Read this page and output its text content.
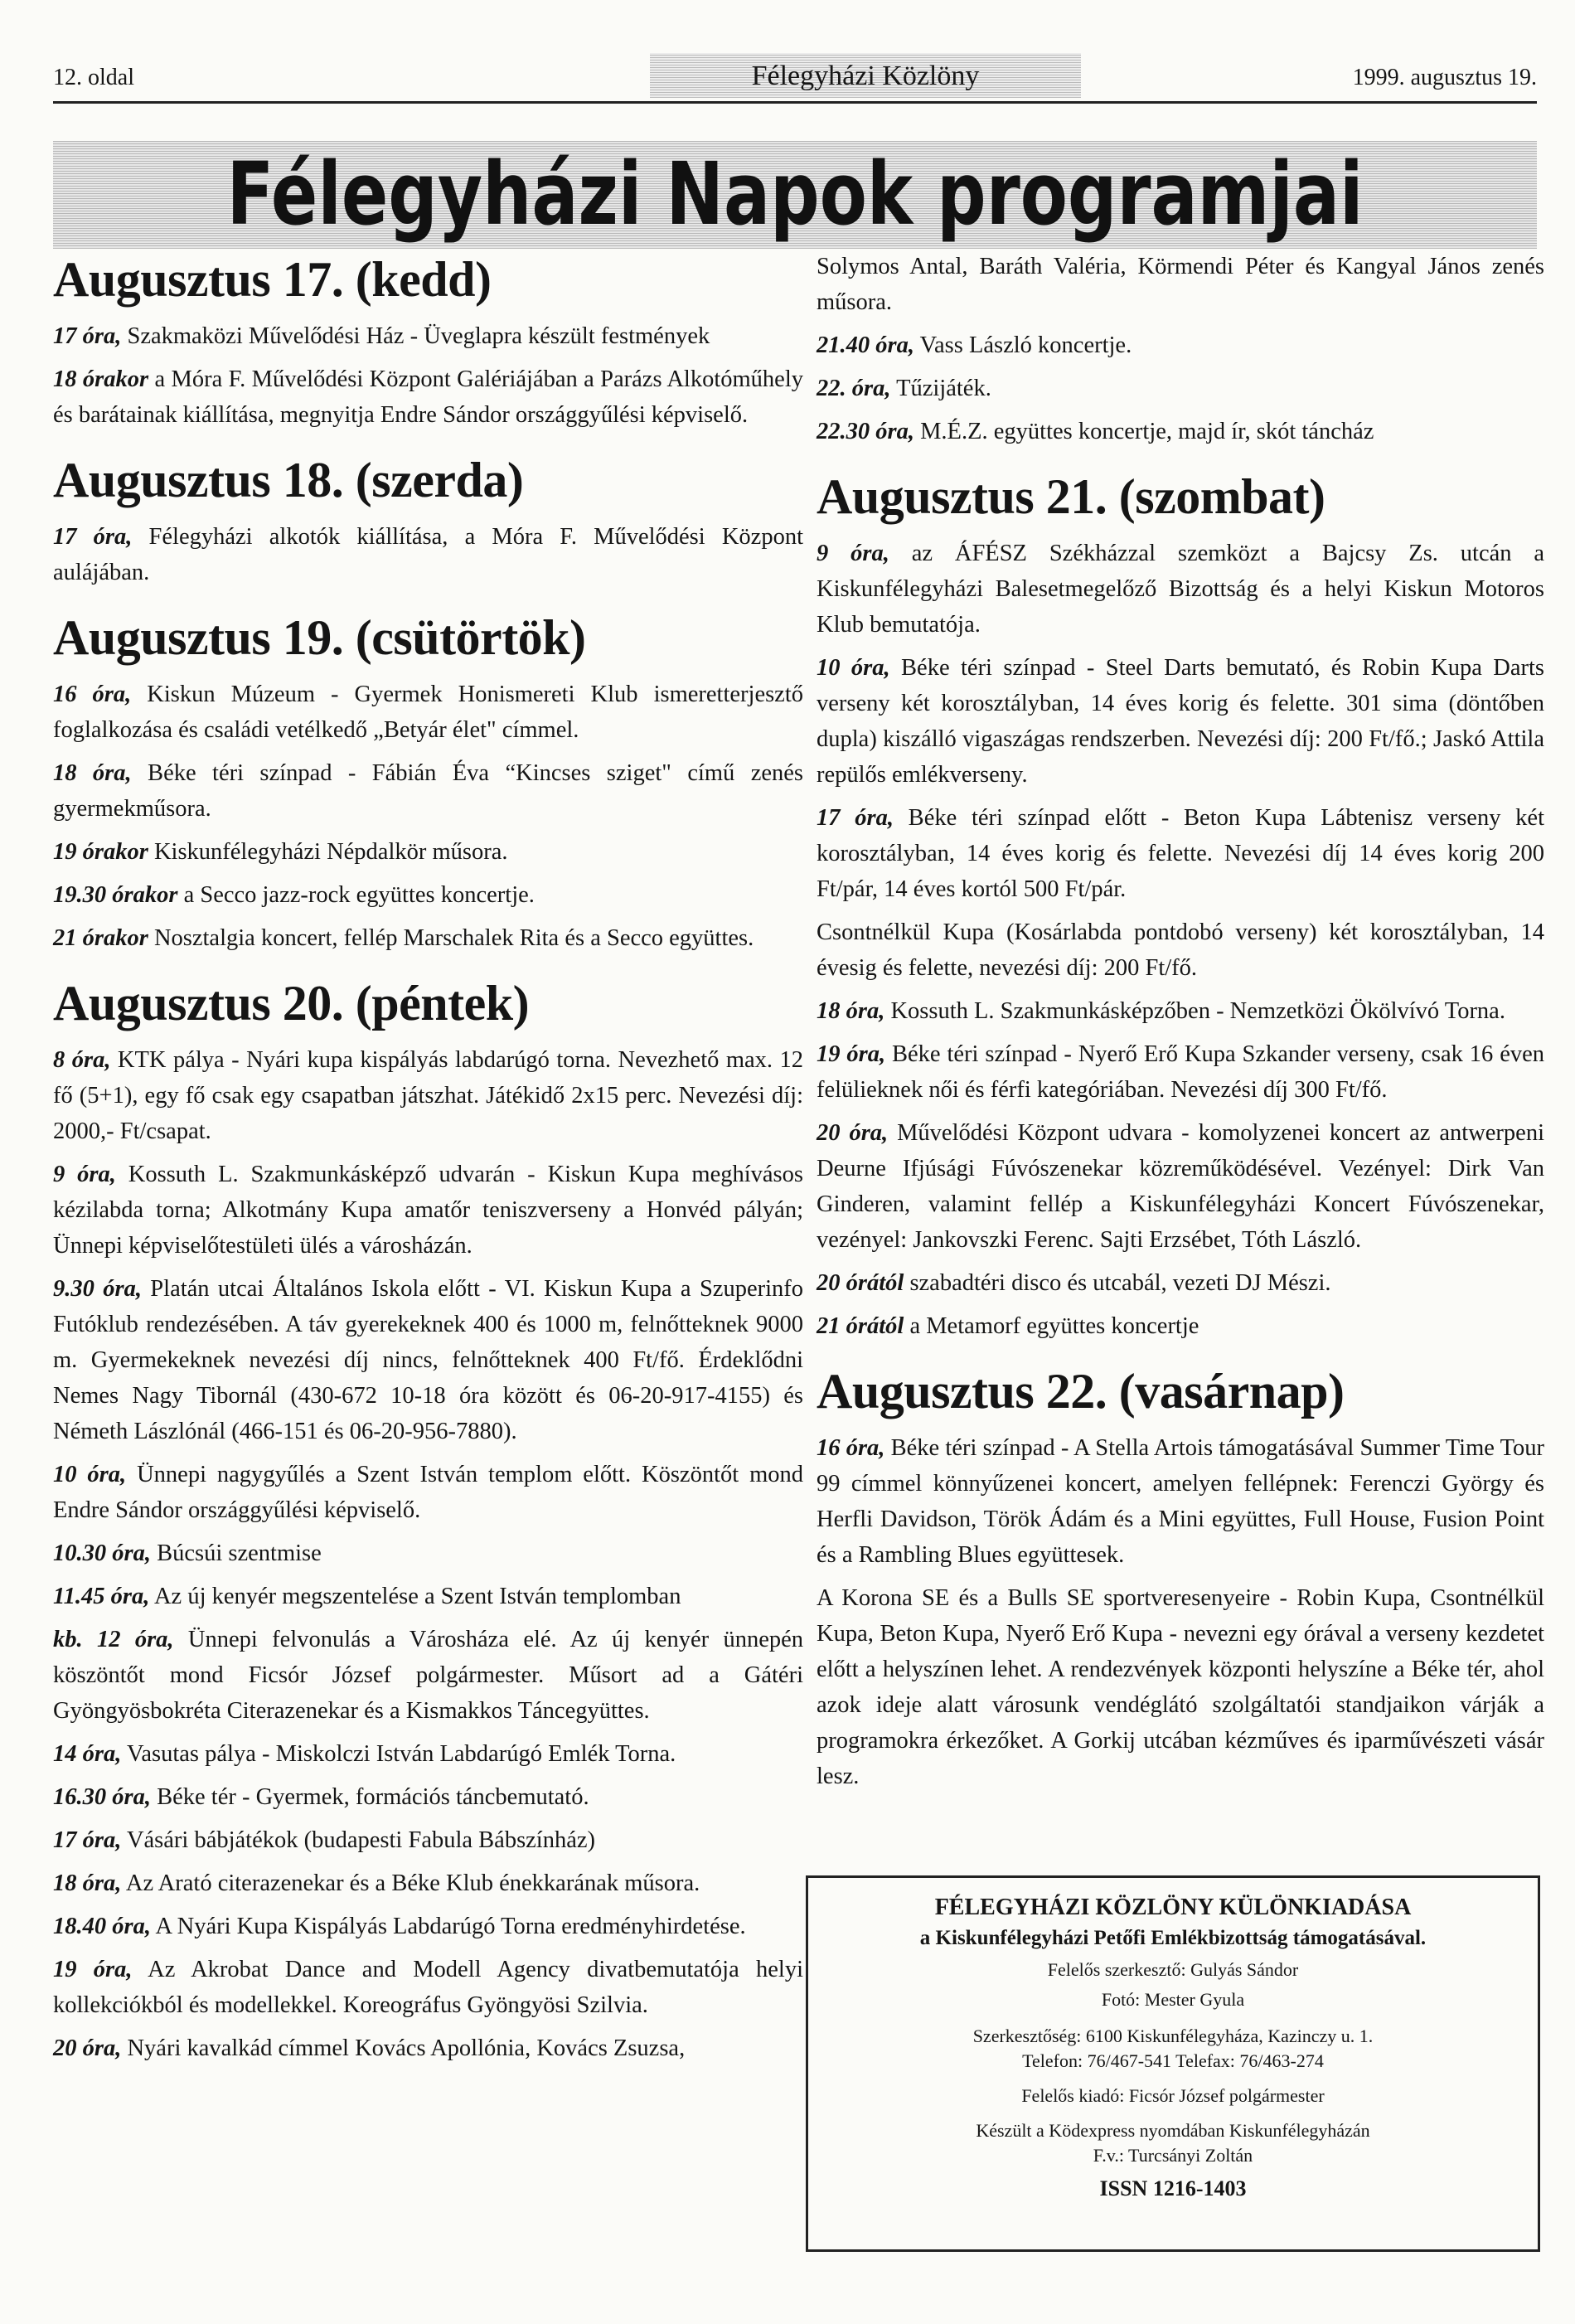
12. oldal	Félegyházi Közlöny	1999. augusztus 19.
Félegyházi Napok programjai
Augusztus 17. (kedd)
17 óra, Szakmaközi Művelődési Ház - Üveglapra készült festmények
18 órakor a Móra F. Művelődési Központ Galériájában a Parázs Alkotóműhely és barátainak kiállítása, megnyitja Endre Sándor országgyűlési képviselő.
Augusztus 18. (szerda)
17 óra, Félegyházi alkotók kiállítása, a Móra F. Művelődési Központ aulájában.
Augusztus 19. (csütörtök)
16 óra, Kiskun Múzeum - Gyermek Honismereti Klub ismeretterjesztő foglalkozása és családi vetélkedő „Betyár élet" címmel.
18 óra, Béke téri színpad - Fábián Éva “Kincses sziget" című zenés gyermekműsora.
19 órakor Kiskunfélegyházi Népdalkör műsora.
19.30 órakor a Secco jazz-rock együttes koncertje.
21 órakor Nosztalgia koncert, fellép Marschalek Rita és a Secco együttes.
Augusztus 20. (péntek)
8 óra, KTK pálya - Nyári kupa kispályás labdarúgó torna. Nevezhető max. 12 fő (5+1), egy fő csak egy csapatban játszhat. Játékidő 2x15 perc. Nevezési díj: 2000,- Ft/csapat.
9 óra, Kossuth L. Szakmunkásképző udvarán - Kiskun Kupa meghívásos kézilabda torna; Alkotmány Kupa amatőr teniszverseny a Honvéd pályán; Ünnepi képviselőtestületi ülés a városházán.
9.30 óra, Platán utcai Általános Iskola előtt - VI. Kiskun Kupa a Szuperinfo Futóklub rendezésében. A táv gyerekeknek 400 és 1000 m, felnőtteknek 9000 m. Gyermekeknek nevezési díj nincs, felnőtteknek 400 Ft/fő. Érdeklődni Nemes Nagy Tibornál (430-672 10-18 óra között és 06-20-917-4155) és Németh Lászlónál (466-151 és 06-20-956-7880).
10 óra, Ünnepi nagygyűlés a Szent István templom előtt. Köszöntőt mond Endre Sándor országgyűlési képviselő.
10.30 óra, Búcsúi szentmise
11.45 óra, Az új kenyér megszentelése a Szent István templomban
kb. 12 óra, Ünnepi felvonulás a Városháza elé. Az új kenyér ünnepén köszöntőt mond Ficsór József polgármester. Műsort ad a Gátéri Gyöngyösbokréta Citerazenekar és a Kismakkos Táncegyüttes.
14 óra, Vasutas pálya - Miskolczi István Labdarúgó Emlék Torna.
16.30 óra, Béke tér - Gyermek, formációs táncbemutató.
17 óra, Vásári bábjátékok (budapesti Fabula Bábszínház)
18 óra, Az Arató citerazenekar és a Béke Klub énekkarának műsora.
18.40 óra, A Nyári Kupa Kispályás Labdarúgó Torna eredményhirdetése.
19 óra, Az Akrobat Dance and Modell Agency divatbemutatója helyi kollekciókból és modellekkel. Koreográfus Gyöngyösi Szilvia.
20 óra, Nyári kavalkád címmel Kovács Apollónia, Kovács Zsuzsa,
Solymos Antal, Baráth Valéria, Körmendi Péter és Kangyal János zenés műsora.
21.40 óra, Vass László koncertje.
22. óra, Tűzijáték.
22.30 óra, M.É.Z. együttes koncertje, majd ír, skót táncház
Augusztus 21. (szombat)
9 óra, az ÁFÉSZ Székházzal szemközt a Bajcsy Zs. utcán a Kiskunfélegyházi Balesetmegelőző Bizottság és a helyi Kiskun Motoros Klub bemutatója.
10 óra, Béke téri színpad - Steel Darts bemutató, és Robin Kupa Darts verseny két korosztályban, 14 éves korig és felette. 301 sima (döntőben dupla) kiszálló vigaszágas rendszerben. Nevezési díj: 200 Ft/fő.; Jaskó Attila repülős emlékverseny.
17 óra, Béke téri színpad előtt - Beton Kupa Lábtenisz verseny két korosztályban, 14 éves korig és felette. Nevezési díj 14 éves korig 200 Ft/pár, 14 éves kortól 500 Ft/pár.
Csontnélkül Kupa (Kosárlabda pontdobó verseny) két korosztályban, 14 évesig és felette, nevezési díj: 200 Ft/fő.
18 óra, Kossuth L. Szakmunkásképzőben - Nemzetközi Ökölvívó Torna.
19 óra, Béke téri színpad - Nyerő Erő Kupa Szkander verseny, csak 16 éven felülieknek női és férfi kategóriában. Nevezési díj 300 Ft/fő.
20 óra, Művelődési Központ udvara - komolyzenei koncert az antwerpeni Deurne Ifjúsági Fúvószenekar közreműködésével. Vezényel: Dirk Van Ginderen, valamint fellép a Kiskunfélegyházi Koncert Fúvószenekar, vezényel: Jankovszki Ferenc. Sajti Erzsébet, Tóth László.
20 órától szabadtéri disco és utcabál, vezeti DJ Mészi.
21 órától a Metamorf együttes koncertje
Augusztus 22. (vasárnap)
16 óra, Béke téri színpad - A Stella Artois támogatásával Summer Time Tour 99 címmel könnyűzenei koncert, amelyen fellépnek: Ferenczi György és Herfli Davidson, Török Ádám és a Mini együttes, Full House, Fusion Point és a Rambling Blues együttesek.
A Korona SE és a Bulls SE sportveresenyeire - Robin Kupa, Csontnélkül Kupa, Beton Kupa, Nyerő Erő Kupa - nevezni egy órával a verseny kezdetet előtt a helyszínen lehet. A rendezvények központi helyszíne a Béke tér, ahol azok ideje alatt városunk vendéglátó szolgáltatói standjaikon várják a programokra érkezőket. A Gorkij utcában kézműves és iparművészeti vásár lesz.
FÉLEGYHÁZI KÖZLÖNY KÜLÖNKIADÁSA
a Kiskunfélegyházi Petőfi Emlékbizottság támogatásával.
Felelős szerkesztő: Gulyás Sándor
Fotó: Mester Gyula
Szerkesztőség: 6100 Kiskunfélegyháza, Kazinczy u. 1.
Telefon: 76/467-541 Telefax: 76/463-274
Felelős kiadó: Ficsór József polgármester
Készült a Ködexpress nyomdában Kiskunfélegyházán
F.v.: Turcsányi Zoltán
ISSN 1216-1403
